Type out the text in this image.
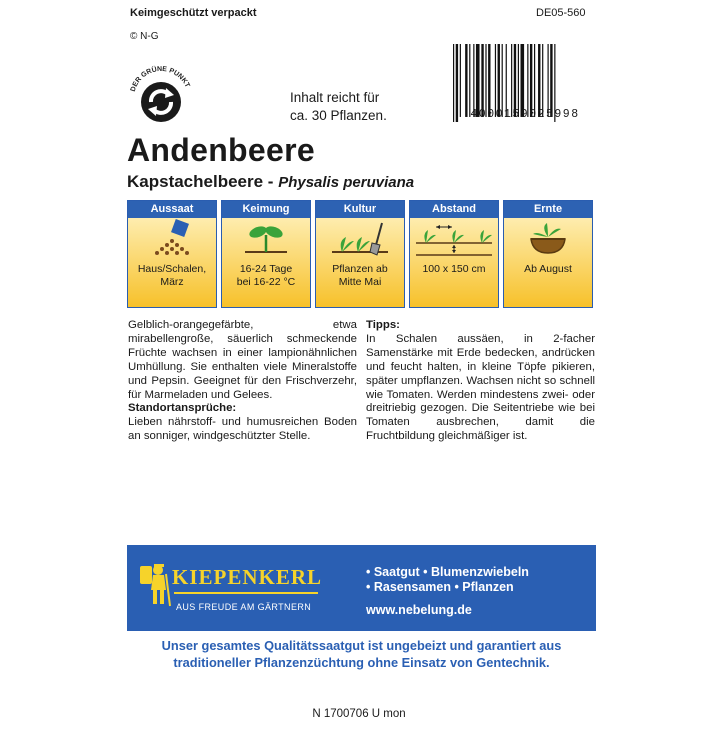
Keimgeschützt verpackt	DE05-560
© N-G
DER GRÜNE PUNKT
Inhalt reicht für
ca. 30 Pflanzen.	4000159025998
Andenbeere
Kapstachelbeere - Physalis peruviana
Aussaat
Haus/Schalen,
März
Keimung
16-24 Tage
bei 16-22 °C
Kultur
Pflanzen ab
Mitte Mai
Abstand
100 x 150 cm
Ernte
Ab August

Gelblich-orangegefärbte, etwa mirabellengroße, säuerlich schmeckende Früchte wachsen in einer lampionähnlichen Umhüllung. Sie enthalten viele Mineralstoffe und Pepsin. Geeignet für den Frischverzehr, für Marmeladen und Gelees.

Standortansprüche:

Lieben nährstoff- und humusreichen Boden an sonniger, windgeschützter Stelle.

Tipps:

In Schalen aussäen, in 2-facher Samenstärke mit Erde bedecken, andrücken und feucht halten, in kleine Töpfe pikieren, später umpflanzen. Wachsen nicht so schnell wie Tomaten. Werden mindestens zwei- oder dreitriebig gezogen. Die Seitentriebe wie bei Tomaten ausbrechen, damit die Fruchtbildung gleichmäßiger ist.

KIEPENKERL
AUS FREUDE AM GÄRTNERN
• Saatgut • Blumenzwiebeln
• Rasensamen • Pflanzen
www.nebelung.de
Unser gesamtes Qualitätssaatgut ist ungebeizt und garantiert aus
traditioneller Pflanzenzüchtung ohne Einsatz von Gentechnik.
N 1700706 U mon
